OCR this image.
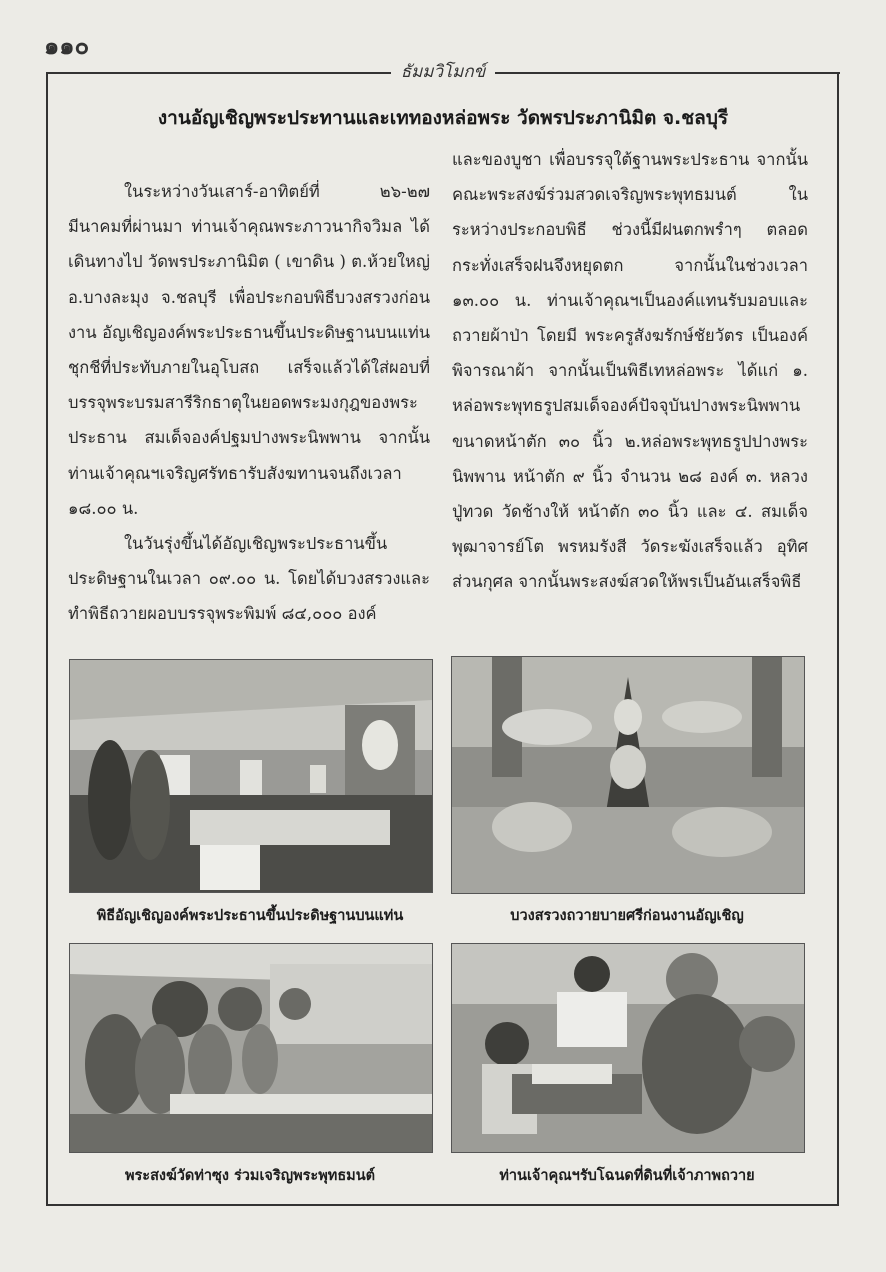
๑๑๐
ธัมมวิโมกข์
งานอัญเชิญพระประทานและเททองหล่อพระ วัดพรประภานิมิต จ.ชลบุรี

ในระหว่างวันเสาร์-อาทิตย์ที่ ๒๖-๒๗ มีนาคมที่ผ่านมา ท่านเจ้าคุณพระภาวนากิจวิมล ได้เดินทางไป วัดพรประภานิมิต ( เขาดิน ) ต.ห้วยใหญ่ อ.บางละมุง จ.ชลบุรี เพื่อประกอบพิธีบวงสรวงก่อนงาน อัญเชิญองค์พระประธานขึ้นประดิษฐานบนแท่นชุกชีที่ประทับภายในอุโบสถ เสร็จแล้วได้ใส่ผอบที่บรรจุพระบรมสารีริกธาตุในยอดพระมงกุฎของพระประธาน สมเด็จองค์ปฐมปางพระนิพพาน จากนั้นท่านเจ้าคุณฯเจริญศรัทธารับสังฆทานจนถึงเวลา ๑๘.๐๐ น.

ในวันรุ่งขึ้นได้อัญเชิญพระประธานขึ้นประดิษฐานในเวลา ๐๙.๐๐ น. โดยได้บวงสรวงและทำพิธีถวายผอบบรรจุพระพิมพ์ ๘๔,๐๐๐ องค์

และของบูชา เพื่อบรรจุใต้ฐานพระประธาน จากนั้นคณะพระสงฆ์ร่วมสวดเจริญพระพุทธมนต์ ในระหว่างประกอบพิธี ช่วงนี้มีฝนตกพรำๆ ตลอดกระทั่งเสร็จฝนจึงหยุดตก จากนั้นในช่วงเวลา ๑๓.๐๐ น. ท่านเจ้าคุณฯเป็นองค์แทนรับมอบและถวายผ้าป่า โดยมี พระครูสังฆรักษ์ชัยวัตร เป็นองค์พิจารณาผ้า จากนั้นเป็นพิธีเทหล่อพระ ได้แก่ ๑. หล่อพระพุทธรูปสมเด็จองค์ปัจจุบันปางพระนิพพาน ขนาดหน้าตัก ๓๐ นิ้ว ๒.หล่อพระพุทธรูปปางพระนิพพาน หน้าตัก ๙ นิ้ว จำนวน ๒๘ องค์ ๓. หลวงปู่ทวด วัดช้างให้ หน้าตัก ๓๐ นิ้ว และ ๔. สมเด็จพุฒาจารย์โต พรหมรังสี วัดระฆังเสร็จแล้ว อุทิศส่วนกุศล จากนั้นพระสงฆ์สวดให้พรเป็นอันเสร็จพิธี

พิธีอัญเชิญองค์พระประธานขึ้นประดิษฐานบนแท่น	บวงสรวงถวายบายศรีก่อนงานอัญเชิญ
พระสงฆ์วัดท่าซุง ร่วมเจริญพระพุทธมนต์	ท่านเจ้าคุณฯรับโฉนดที่ดินที่เจ้าภาพถวาย
